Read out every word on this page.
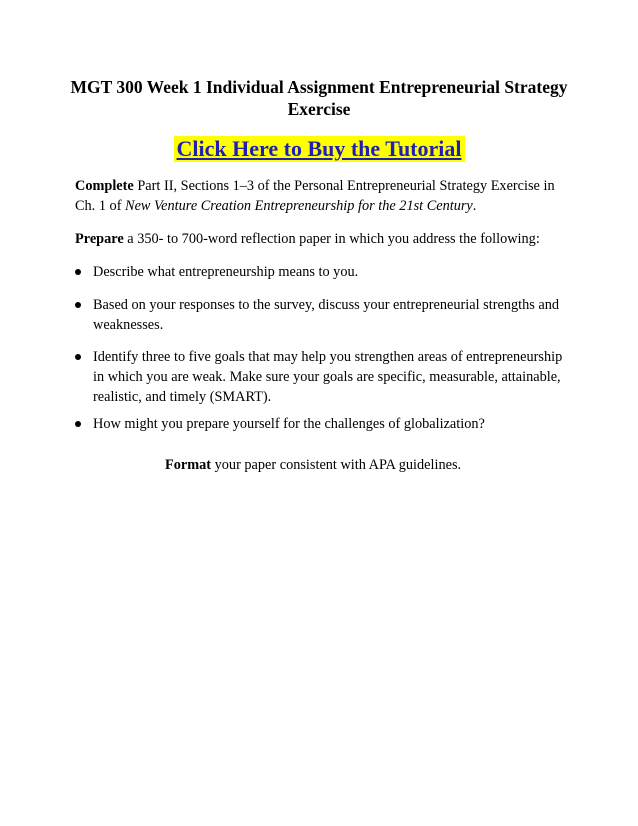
MGT 300 Week 1 Individual Assignment Entrepreneurial Strategy Exercise
Click Here to Buy the Tutorial
Complete Part II, Sections 1–3 of the Personal Entrepreneurial Strategy Exercise in Ch. 1 of New Venture Creation Entrepreneurship for the 21st Century.
Prepare a 350- to 700-word reflection paper in which you address the following:
Describe what entrepreneurship means to you.
Based on your responses to the survey, discuss your entrepreneurial strengths and weaknesses.
Identify three to five goals that may help you strengthen areas of entrepreneurship in which you are weak. Make sure your goals are specific, measurable, attainable, realistic, and timely (SMART).
How might you prepare yourself for the challenges of globalization?
Format your paper consistent with APA guidelines.
